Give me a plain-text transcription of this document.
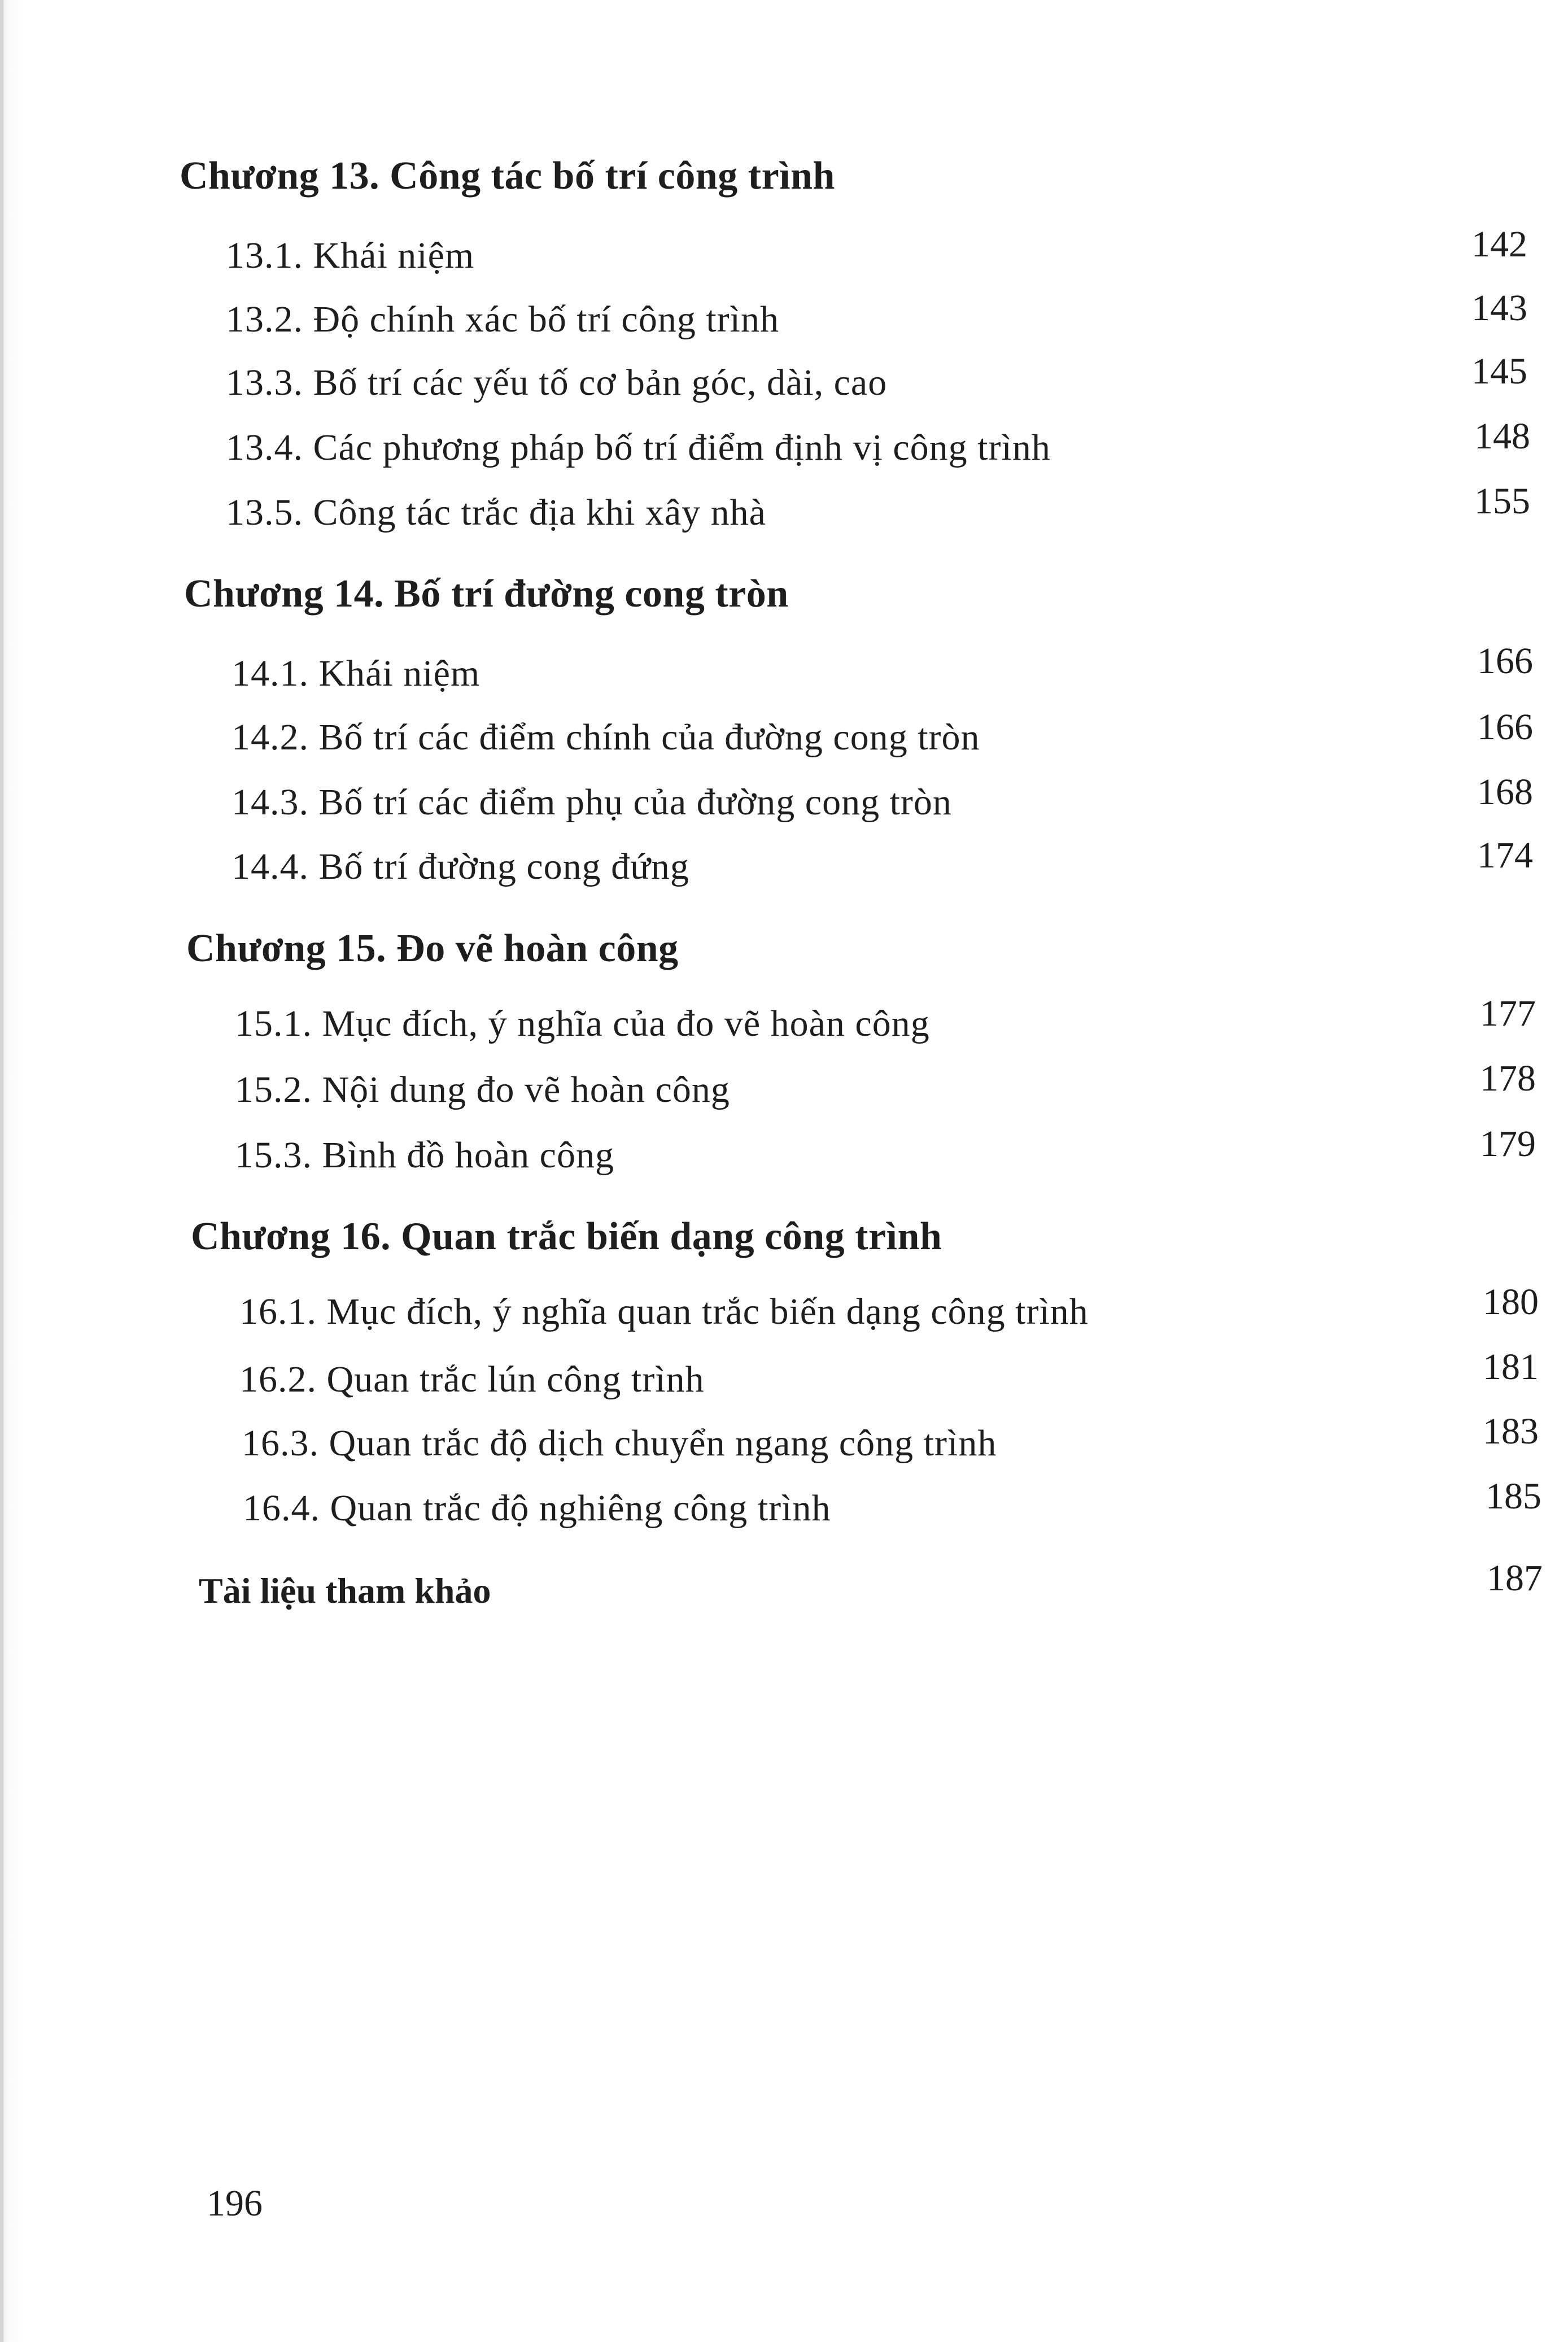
Chương 13. Công tác bố trí công trình
13.1. Khái niệm	142
13.2. Độ chính xác bố trí công trình	143
13.3. Bố trí các yếu tố cơ bản góc, dài, cao	145
13.4. Các phương pháp bố trí điểm định vị công trình	148
13.5. Công tác trắc địa khi xây nhà	155
Chương 14. Bố trí đường cong tròn
14.1. Khái niệm	166
14.2. Bố trí các điểm chính của đường cong tròn	166
14.3. Bố trí các điểm phụ của đường cong tròn	168
14.4. Bố trí đường cong đứng	174
Chương 15. Đo vẽ hoàn công
15.1. Mục đích, ý nghĩa của đo vẽ hoàn công	177
15.2. Nội dung đo vẽ hoàn công	178
15.3. Bình đồ hoàn công	179
Chương 16. Quan trắc biến dạng công trình
16.1. Mục đích, ý nghĩa quan trắc biến dạng công trình	180
16.2. Quan trắc lún công trình	181
16.3. Quan trắc độ dịch chuyển ngang công trình	183
16.4. Quan trắc độ nghiêng công trình	185
Tài liệu tham khảo	187
196
